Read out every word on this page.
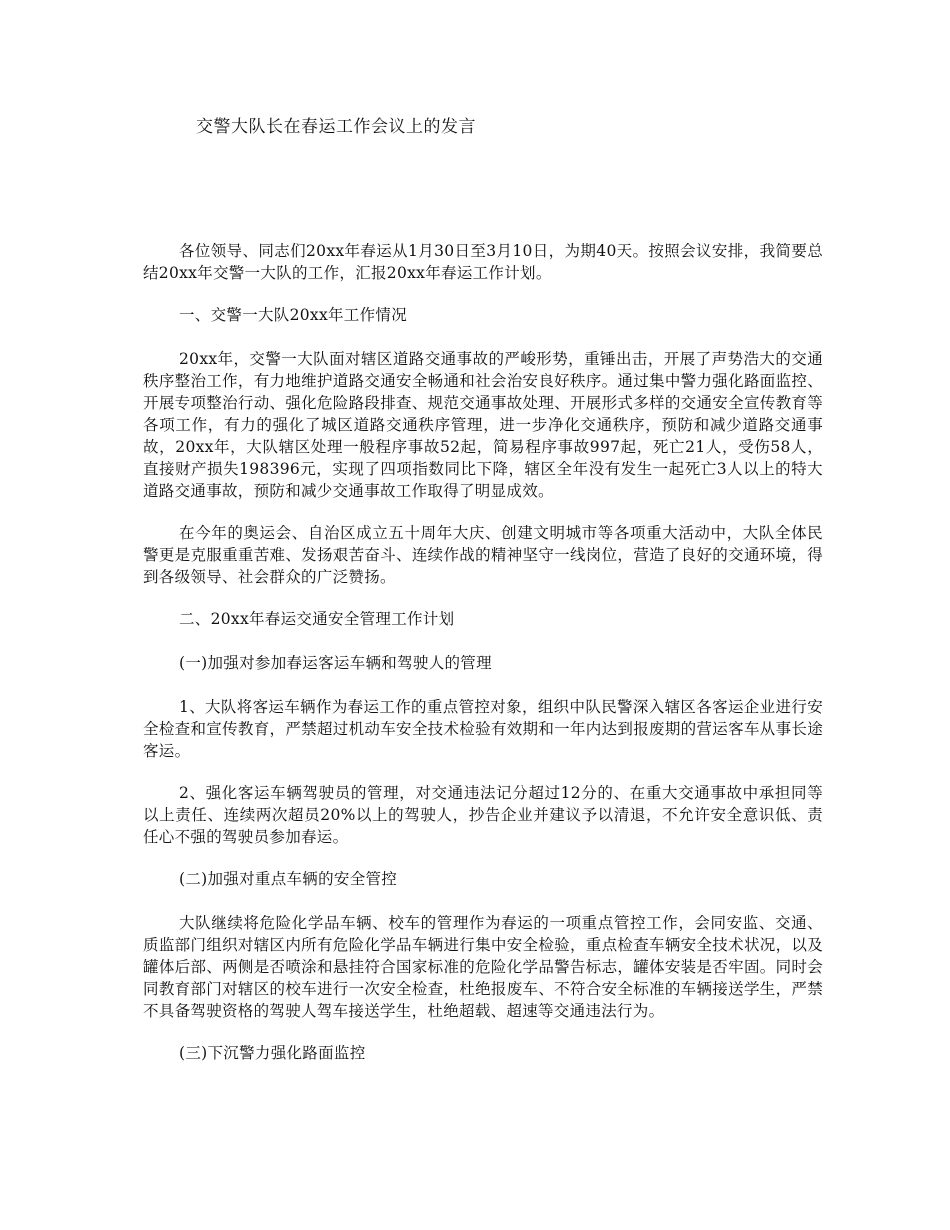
交警大队长在春运工作会议上的发言

各位领导、同志们20xx年春运从1月30日至3月10日，为期40天。按照会议安排，我简要总结20xx年交警一大队的工作，汇报20xx年春运工作计划。

一、交警一大队20xx年工作情况

20xx年，交警一大队面对辖区道路交通事故的严峻形势，重锤出击，开展了声势浩大的交通秩序整治工作，有力地维护道路交通安全畅通和社会治安良好秩序。通过集中警力强化路面监控、开展专项整治行动、强化危险路段排查、规范交通事故处理、开展形式多样的交通安全宣传教育等各项工作，有力的强化了城区道路交通秩序管理，进一步净化交通秩序，预防和减少道路交通事故，20xx年，大队辖区处理一般程序事故52起，简易程序事故997起，死亡21人，受伤58人，直接财产损失198396元，实现了四项指数同比下降，辖区全年没有发生一起死亡3人以上的特大道路交通事故，预防和减少交通事故工作取得了明显成效。

在今年的奥运会、自治区成立五十周年大庆、创建文明城市等各项重大活动中，大队全体民警更是克服重重苦难、发扬艰苦奋斗、连续作战的精神坚守一线岗位，营造了良好的交通环境，得到各级领导、社会群众的广泛赞扬。

二、20xx年春运交通安全管理工作计划

(一)加强对参加春运客运车辆和驾驶人的管理

1、大队将客运车辆作为春运工作的重点管控对象，组织中队民警深入辖区各客运企业进行安全检查和宣传教育，严禁超过机动车安全技术检验有效期和一年内达到报废期的营运客车从事长途客运。

2、强化客运车辆驾驶员的管理，对交通违法记分超过12分的、在重大交通事故中承担同等以上责任、连续两次超员20%以上的驾驶人，抄告企业并建议予以清退，不允许安全意识低、责任心不强的驾驶员参加春运。

(二)加强对重点车辆的安全管控

大队继续将危险化学品车辆、校车的管理作为春运的一项重点管控工作，会同安监、交通、质监部门组织对辖区内所有危险化学品车辆进行集中安全检验，重点检查车辆安全技术状况，以及罐体后部、两侧是否喷涂和悬挂符合国家标准的危险化学品警告标志，罐体安装是否牢固。同时会同教育部门对辖区的校车进行一次安全检查，杜绝报废车、不符合安全标准的车辆接送学生，严禁不具备驾驶资格的驾驶人驾车接送学生，杜绝超载、超速等交通违法行为。

(三)下沉警力强化路面监控
